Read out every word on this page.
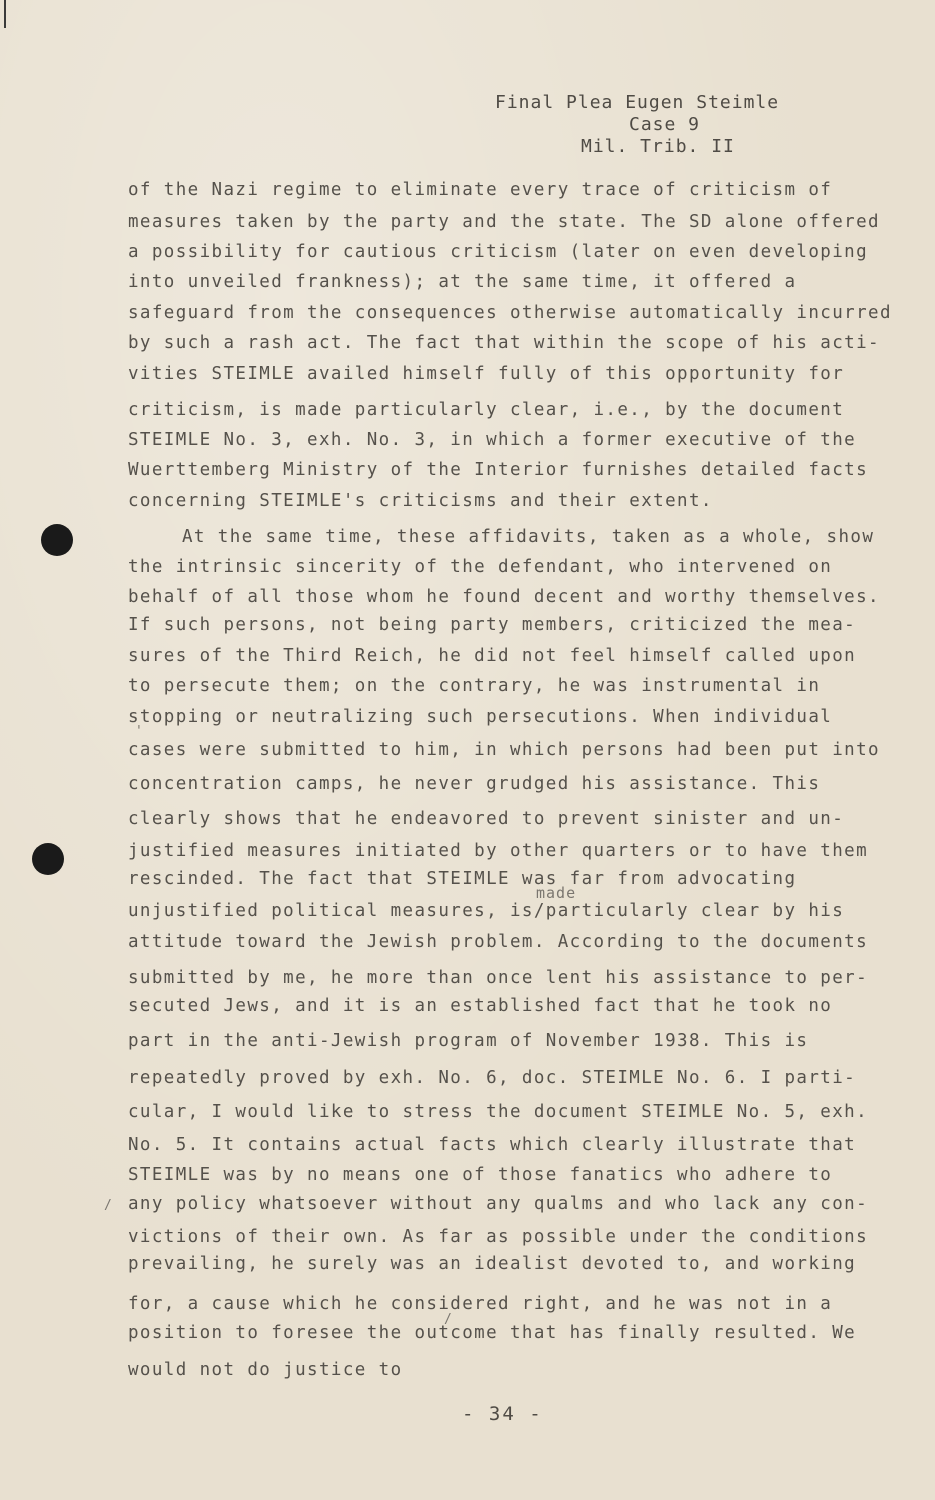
Final Plea Eugen Steimle
Case 9
Mil. Trib. II
of the Nazi regime to eliminate every trace of criticism of
measures taken by the party and the state. The SD alone offered
a possibility for cautious criticism (later on even developing
into unveiled frankness); at the same time, it offered a
safeguard from the consequences otherwise automatically incurred
by such a rash act. The fact that within the scope of his acti-
vities STEIMLE availed himself fully of this opportunity for
criticism, is made particularly clear, i.e., by the document
STEIMLE No. 3, exh. No. 3, in which a former executive of the
Wuerttemberg Ministry of the Interior furnishes detailed facts
concerning STEIMLE's criticisms and their extent.
At the same time, these affidavits, taken as a whole, show
the intrinsic sincerity of the defendant, who intervened on
behalf of all those whom he found decent and worthy themselves.
If such persons, not being party members, criticized the mea-
sures of the Third Reich, he did not feel himself called upon
to persecute them; on the contrary, he was instrumental in
stopping or neutralizing such persecutions. When individual
'
cases were submitted to him, in which persons had been put into
concentration camps, he never grudged his assistance. This
clearly shows that he endeavored to prevent sinister and un-
justified measures initiated by other quarters or to have them
rescinded. The fact that STEIMLE was far from advocating
made
unjustified political measures, is/particularly clear by his
attitude toward the Jewish problem. According to the documents
submitted by me, he more than once lent his assistance to per-
secuted Jews, and it is an established fact that he took no
part in the anti-Jewish program of November 1938. This is
repeatedly proved by exh. No. 6, doc. STEIMLE No. 6. I parti-
cular, I would like to stress the document STEIMLE No. 5, exh.
No. 5. It contains actual facts which clearly illustrate that
STEIMLE was by no means one of those fanatics who adhere to
/ any policy whatsoever without any qualms and who lack any con-
victions of their own. As far as possible under the conditions
prevailing, he surely was an idealist devoted to, and working
for, a cause which he considered right, and he was not in a
/
position to foresee the outcome that has finally resulted. We
would not do justice to
- 34 -
